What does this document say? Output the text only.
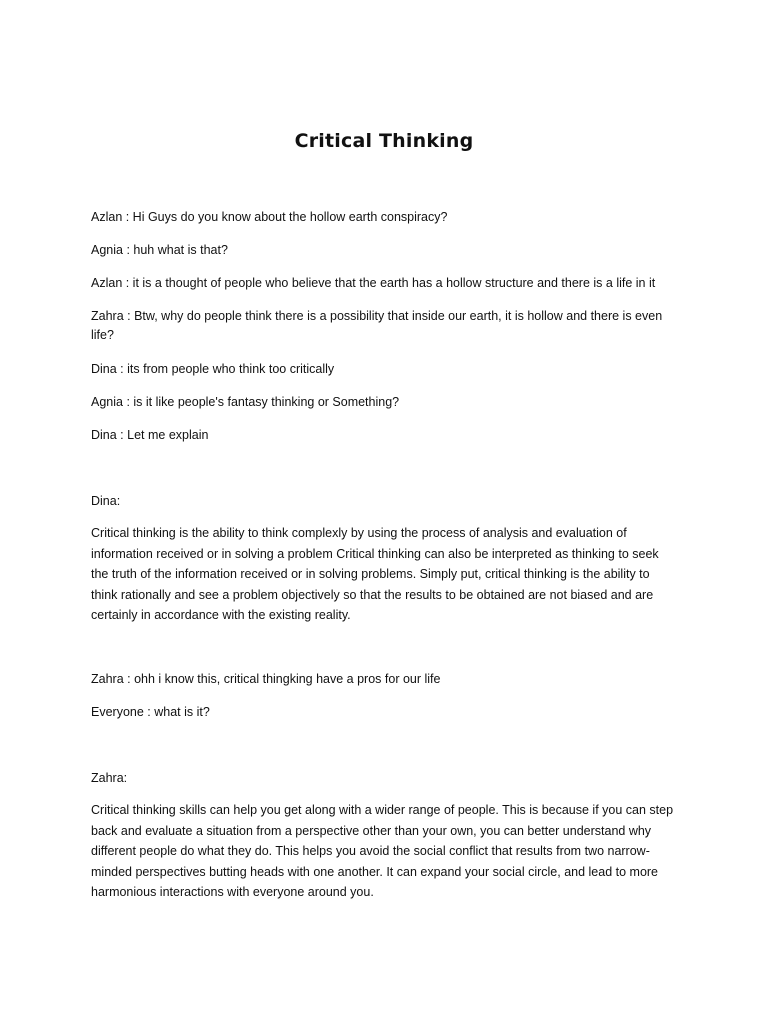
Critical Thinking
Azlan : Hi Guys do you know about the hollow earth conspiracy?
Agnia : huh what is that?
Azlan : it is a thought of people who believe that the earth has a hollow structure and there is a life in it
Zahra : Btw, why do people think there is a possibility that inside our earth, it is hollow and there is even
life?
Dina : its from people who think too critically
Agnia : is it like people's fantasy thinking or Something?
Dina : Let me explain
Dina:
Critical thinking is the ability to think complexly by using the process of analysis and evaluation of
information received or in solving a problem Critical thinking can also be interpreted as thinking to seek
the truth of the information received or in solving problems. Simply put, critical thinking is the ability to
think rationally and see a problem objectively so that the results to be obtained are not biased and are
certainly in accordance with the existing reality.
Zahra : ohh i know this, critical thingking have a pros for our life
Everyone : what is it?
Zahra:
Critical thinking skills can help you get along with a wider range of people. This is because if you can step
back and evaluate a situation from a perspective other than your own, you can better understand why
different people do what they do. This helps you avoid the social conflict that results from two narrow-
minded perspectives butting heads with one another. It can expand your social circle, and lead to more
harmonious interactions with everyone around you.
